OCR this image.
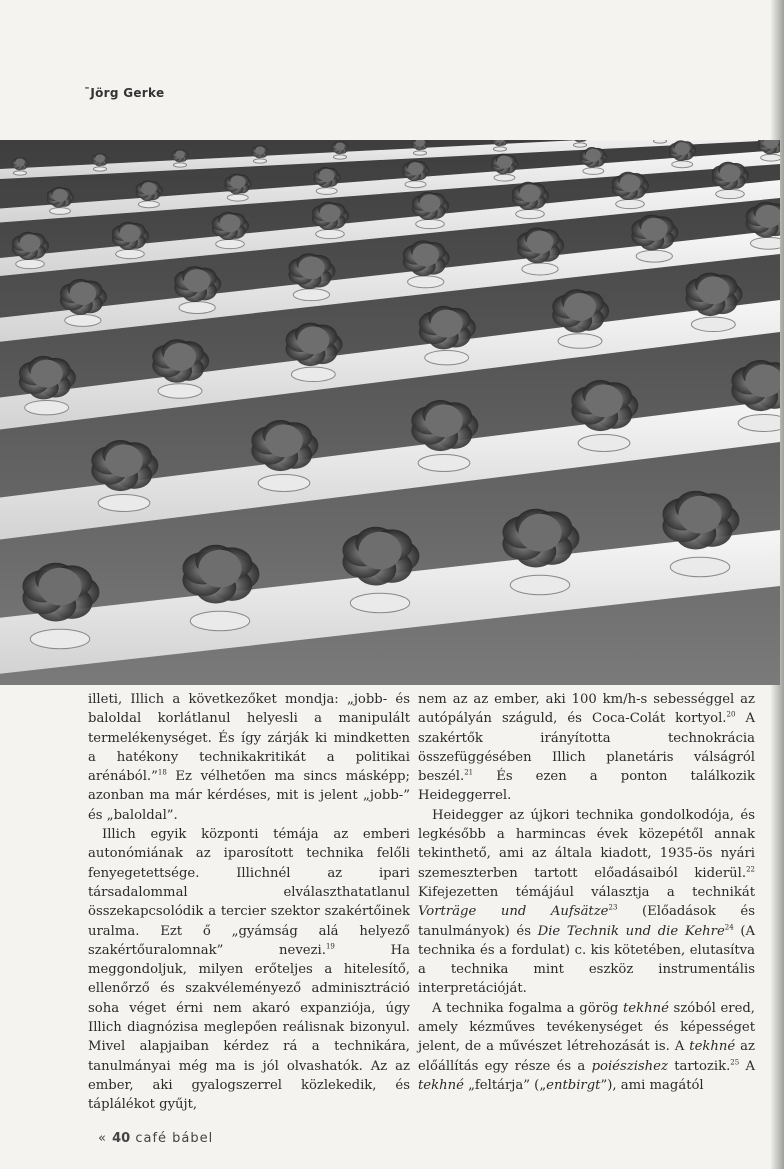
ˉJörg Gerke

illeti, Illich a következőket mondja: „jobb- és baloldal korlátlanul helyesli a manipulált termelékenységet. És így zárják ki mindketten a hatékony technikakritikát a politikai arénából.”$^{18}$ Ez vélhetően ma sincs másképp; azonban ma már kérdéses, mit is jelent „jobb-” és „baloldal”.

Illich egyik központi témája az emberi autonómiának az iparosított technika felőli fenyegetettsége. Illichnél az ipari társadalommal elválaszthatatlanul összekapcsolódik a tercier szektor szakértőinek uralma. Ezt ő „gyámság alá helyező szakértőuralomnak” nevezi.$^{19}$ Ha meggondoljuk, milyen erőteljes a hitelesítő, ellenőrző és szakvéleményező adminisztráció soha véget érni nem akaró expanziója, úgy Illich diagnózisa meglepően reálisnak bizonyul. Mivel alapjaiban kérdez rá a technikára, tanulmányai még ma is jól olvashatók. Az az ember, aki gyalogszerrel közlekedik, és táplálékot gyűjt,

nem az az ember, aki 100 km/h-s sebességgel az autópályán száguld, és Coca-Colát kortyol.$^{20}$ A szakértők irányította technokrácia összefüggésében Illich planetáris válságról beszél.$^{21}$ És ezen a ponton találkozik Heideggerrel.

Heidegger az újkori technika gondolkodója, és legkésőbb a harmincas évek közepétől annak tekinthető, ami az általa kiadott, 1935-ös nyári szemeszterben tartott előadásaiból kiderül.$^{22}$ Kifejezetten témájául választja a technikát Vorträge und Aufsätze$^{23}$ (Előadások és tanulmányok) és Die Technik und die Kehre$^{24}$ (A technika és a fordulat) c. kis kötetében, elutasítva a technika mint eszköz instrumentális interpretációját.

A technika fogalma a görög tekhné szóból ered, amely kézműves tevékenységet és képességet jelent, de a művészet létrehozását is. A tekhné az előállítás egy része és a poiészishez tartozik.$^{25}$ A tekhné „feltárja” („entbirgt”), ami magától

« 40 café bábel
